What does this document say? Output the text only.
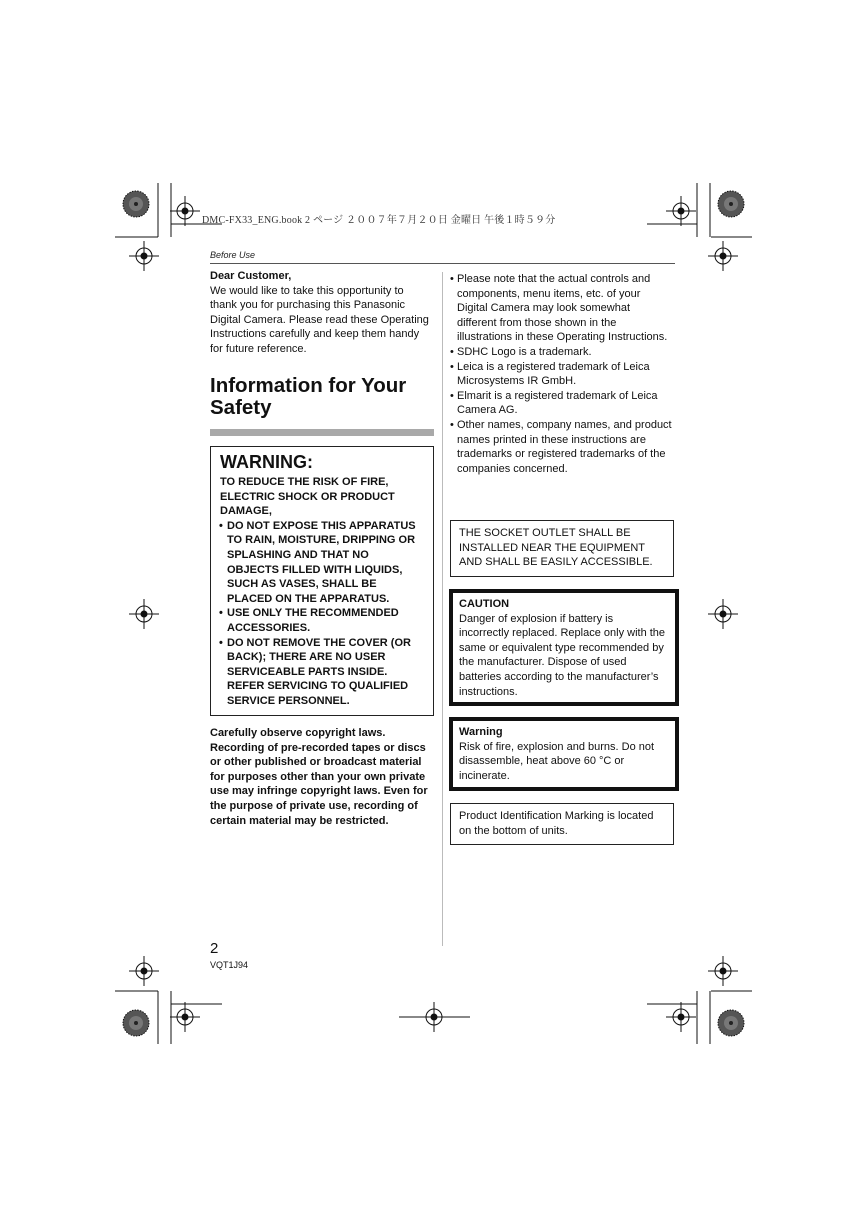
DMC-FX33_ENG.book 2 ページ ２００７年７月２０日 金曜日 午後１時５９分
Before Use
Dear Customer,

We would like to take this opportunity to thank you for purchasing this Panasonic Digital Camera. Please read these Operating Instructions carefully and keep them handy for future reference.

Information for Your
Safety
WARNING:
TO REDUCE THE RISK OF FIRE, ELECTRIC SHOCK OR PRODUCT DAMAGE,
• DO NOT EXPOSE THIS APPARATUS TO RAIN, MOISTURE, DRIPPING OR SPLASHING AND THAT NO OBJECTS FILLED WITH LIQUIDS, SUCH AS VASES, SHALL BE PLACED ON THE APPARATUS.
• USE ONLY THE RECOMMENDED ACCESSORIES.
• DO NOT REMOVE THE COVER (OR BACK); THERE ARE NO USER SERVICEABLE PARTS INSIDE. REFER SERVICING TO QUALIFIED SERVICE PERSONNEL.
Carefully observe copyright laws. Recording of pre-recorded tapes or discs or other published or broadcast material for purposes other than your own private use may infringe copyright laws. Even for the purpose of private use, recording of certain material may be restricted.
• Please note that the actual controls and components, menu items, etc. of your Digital Camera may look somewhat different from those shown in the illustrations in these Operating Instructions.
• SDHC Logo is a trademark.
• Leica is a registered trademark of Leica Microsystems IR GmbH.
• Elmarit is a registered trademark of Leica Camera AG.
• Other names, company names, and product names printed in these instructions are trademarks or registered trademarks of the companies concerned.
THE SOCKET OUTLET SHALL BE INSTALLED NEAR THE EQUIPMENT AND SHALL BE EASILY ACCESSIBLE.
CAUTION
Danger of explosion if battery is incorrectly replaced. Replace only with the same or equivalent type recommended by the manufacturer. Dispose of used batteries according to the manufacturer’s instructions.
Warning
Risk of fire, explosion and burns. Do not disassemble, heat above 60 °C or incinerate.
Product Identification Marking is located on the bottom of units.
2
VQT1J94
